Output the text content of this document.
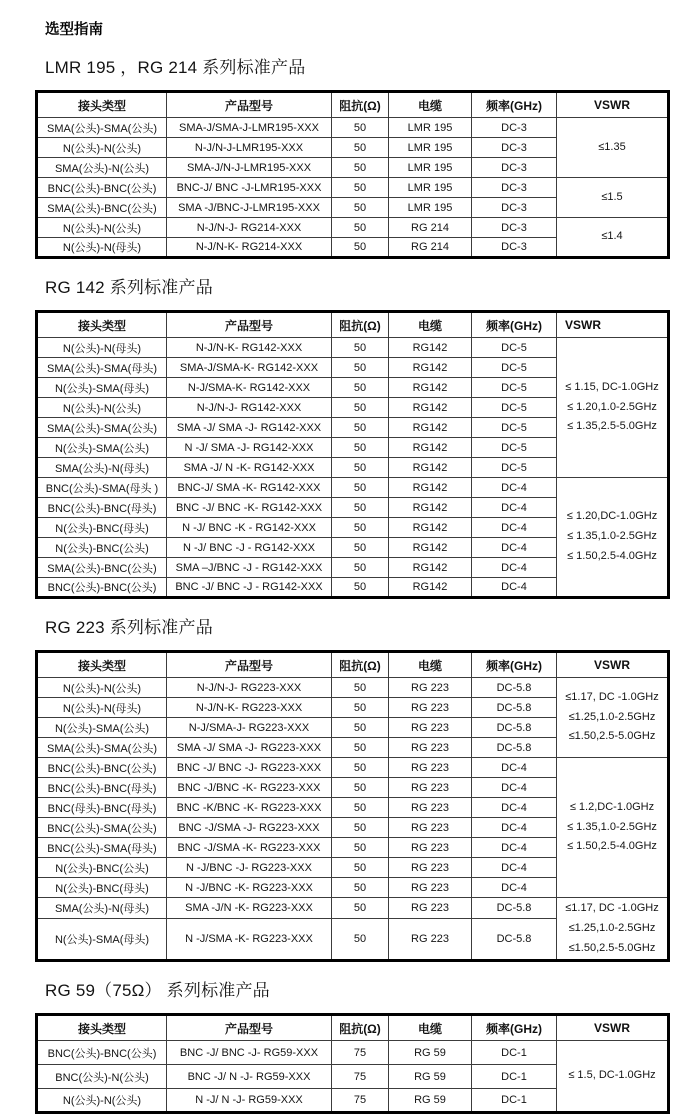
选型指南
LMR 195 ，RG 214 系列标准产品
接头类型	产品型号	阻抗(Ω)	电缆	频率(GHz)	VSWR
SMA(公头)-SMA(公头)	SMA-J/SMA-J-LMR195-XXX	50	LMR 195	DC-3	≤1.35

N(公头)-N(公头)	N-J/N-J-LMR195-XXX	50	LMR 195	DC-3	
SMA(公头)-N(公头)	SMA-J/N-J-LMR195-XXX	50	LMR 195	DC-3	
BNC(公头)-BNC(公头)	BNC-J/ BNC -J-LMR195-XXX	50	LMR 195	DC-3	≤1.5

SMA(公头)-BNC(公头)	SMA -J/BNC-J-LMR195-XXX	50	LMR 195	DC-3	
N(公头)-N(公头)	N-J/N-J- RG214-XXX	50	RG 214	DC-3	≤1.4

N(公头)-N(母头)	N-J/N-K- RG214-XXX	50	RG 214	DC-3	
RG 142 系列标准产品
接头类型	产品型号	阻抗(Ω)	电缆	频率(GHz)	VSWR
N(公头)-N(母头)	N-J/N-K- RG142-XXX	50	RG142	DC-5	≤ 1.15, DC-1.0GHz
≤ 1.20,1.0-2.5GHz
≤ 1.35,2.5-5.0GHz

SMA(公头)-SMA(母头)	SMA-J/SMA-K- RG142-XXX	50	RG142	DC-5	
N(公头)-SMA(母头)	N-J/SMA-K- RG142-XXX	50	RG142	DC-5	
N(公头)-N(公头)	N-J/N-J- RG142-XXX	50	RG142	DC-5	
SMA(公头)-SMA(公头)	SMA -J/ SMA -J- RG142-XXX	50	RG142	DC-5	
N(公头)-SMA(公头)	N -J/ SMA -J- RG142-XXX	50	RG142	DC-5	
SMA(公头)-N(母头)	SMA -J/ N -K- RG142-XXX	50	RG142	DC-5	
BNC(公头)-SMA(母头 )	BNC-J/ SMA -K- RG142-XXX	50	RG142	DC-4	≤ 1.20,DC-1.0GHz
≤ 1.35,1.0-2.5GHz
≤ 1.50,2.5-4.0GHz

BNC(公头)-BNC(母头)	BNC -J/ BNC -K- RG142-XXX	50	RG142	DC-4	
N(公头)-BNC(母头)	N -J/ BNC -K - RG142-XXX	50	RG142	DC-4	
N(公头)-BNC(公头)	N -J/ BNC -J - RG142-XXX	50	RG142	DC-4	
SMA(公头)-BNC(公头)	SMA –J/BNC -J - RG142-XXX	50	RG142	DC-4	
BNC(公头)-BNC(公头)	BNC -J/ BNC -J - RG142-XXX	50	RG142	DC-4	
RG 223 系列标准产品
接头类型	产品型号	阻抗(Ω)	电缆	频率(GHz)	VSWR
N(公头)-N(公头)	N-J/N-J- RG223-XXX	50	RG 223	DC-5.8	≤1.17, DC -1.0GHz
≤1.25,1.0-2.5GHz
≤1.50,2.5-5.0GHz

N(公头)-N(母头)	N-J/N-K- RG223-XXX	50	RG 223	DC-5.8	
N(公头)-SMA(公头)	N-J/SMA-J- RG223-XXX	50	RG 223	DC-5.8	
SMA(公头)-SMA(公头)	SMA -J/ SMA -J- RG223-XXX	50	RG 223	DC-5.8	
BNC(公头)-BNC(公头)	BNC -J/ BNC -J- RG223-XXX	50	RG 223	DC-4	≤ 1.2,DC-1.0GHz
≤ 1.35,1.0-2.5GHz
≤ 1.50,2.5-4.0GHz

BNC(公头)-BNC(母头)	BNC -J/BNC -K- RG223-XXX	50	RG 223	DC-4	
BNC(母头)-BNC(母头)	BNC -K/BNC -K- RG223-XXX	50	RG 223	DC-4	
BNC(公头)-SMA(公头)	BNC -J/SMA -J- RG223-XXX	50	RG 223	DC-4	
BNC(公头)-SMA(母头)	BNC -J/SMA -K- RG223-XXX	50	RG 223	DC-4	
N(公头)-BNC(公头)	N -J/BNC -J- RG223-XXX	50	RG 223	DC-4	
N(公头)-BNC(母头)	N -J/BNC -K- RG223-XXX	50	RG 223	DC-4	
SMA(公头)-N(母头)	SMA -J/N -K- RG223-XXX	50	RG 223	DC-5.8	≤1.17, DC -1.0GHz
≤1.25,1.0-2.5GHz
≤1.50,2.5-5.0GHz

N(公头)-SMA(母头)	N -J/SMA -K- RG223-XXX	50	RG 223	DC-5.8	
RG 59（75Ω） 系列标准产品
接头类型	产品型号	阻抗(Ω)	电缆	频率(GHz)	VSWR
BNC(公头)-BNC(公头)	BNC -J/ BNC -J- RG59-XXX	75	RG 59	DC-1	≤ 1.5, DC-1.0GHz

BNC(公头)-N(公头)	BNC -J/ N -J- RG59-XXX	75	RG 59	DC-1	
N(公头)-N(公头)	N -J/ N -J- RG59-XXX	75	RG 59	DC-1	
